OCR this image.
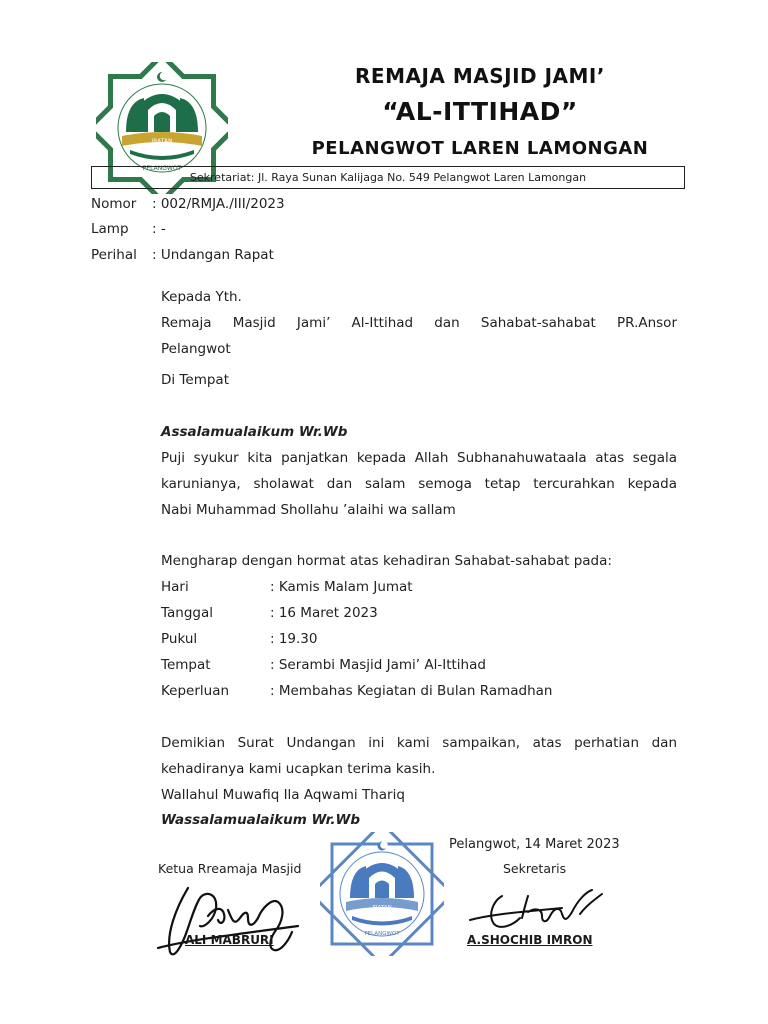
IRATAN
PELANGWOT
REMAJA MASJID JAMI’
“AL-ITTIHAD”
PELANGWOT LAREN LAMONGAN
Sekretariat: Jl. Raya Sunan Kalijaga No. 549 Pelangwot Laren Lamongan
Nomor : 002/RMJA./III/2023
Lamp : -
Perihal : Undangan Rapat
Kepada Yth.
Remaja Masjid Jami’ Al-Ittihad dan Sahabat-sahabat PR.Ansor
Pelangwot
Di Tempat
Assalamualaikum Wr.Wb
Puji syukur kita panjatkan kepada Allah Subhanahuwataala atas segala
karunianya, sholawat dan salam semoga tetap tercurahkan kepada
Nabi Muhammad Shollahu ’alaihi wa sallam
Mengharap dengan hormat atas kehadiran Sahabat-sahabat pada:
Hari	: Kamis Malam Jumat
Tanggal	: 16 Maret 2023
Pukul	: 19.30
Tempat	: Serambi Masjid Jami’ Al-Ittihad
Keperluan	: Membahas Kegiatan di Bulan Ramadhan
Demikian Surat Undangan ini kami sampaikan, atas perhatian dan
kehadiranya kami ucapkan terima kasih.
Wallahul Muwafiq Ila Aqwami Thariq
Wassalamualaikum Wr.Wb
Pelangwot, 14 Maret 2023
Ketua Rreamaja Masjid	Sekretaris
IRATAN
PELANGWOT
ALI MABRURI	A.SHOCHIB IMRON
